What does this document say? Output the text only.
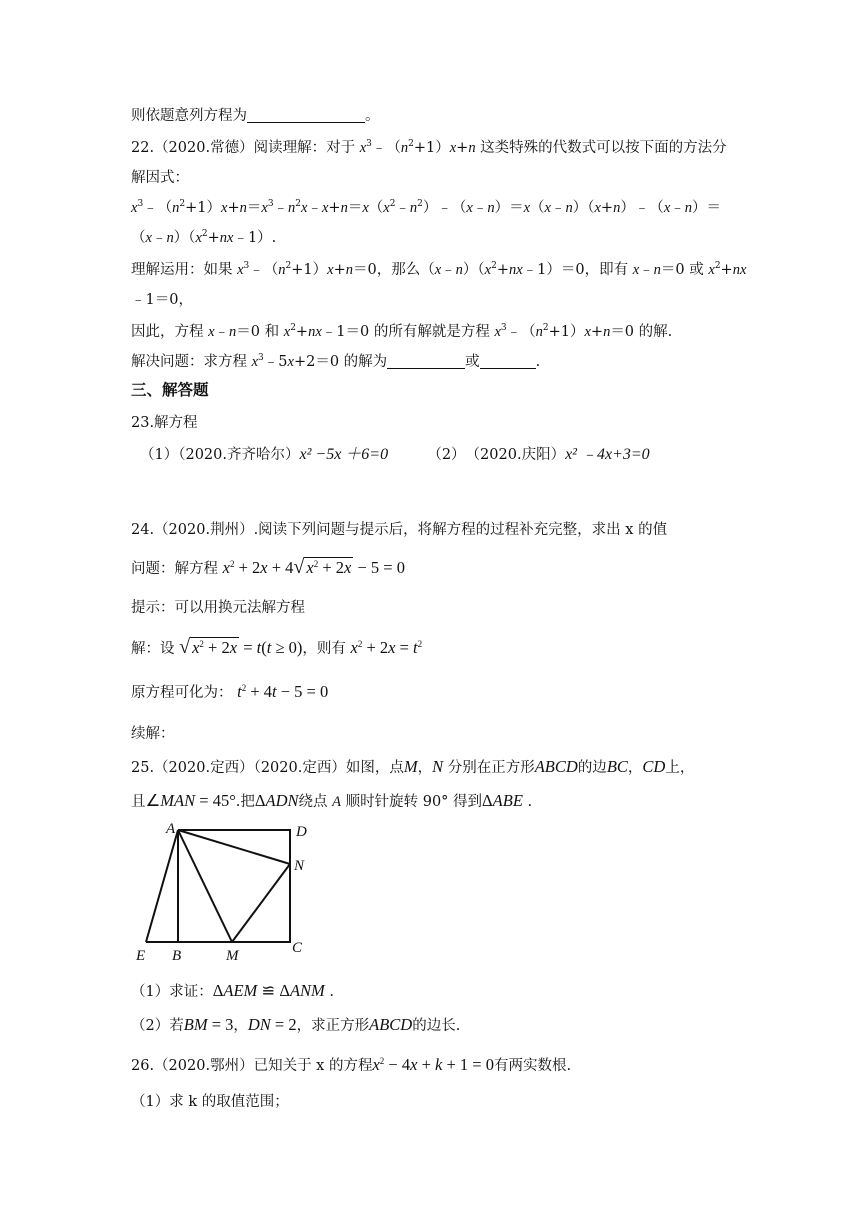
则依题意列方程为	。
22.（2020.常德）阅读理解：对于 $x^3﹣(n^2+1)x+n$ 这类特殊的代数式可以按下面的方法分
解因式：
$x^3﹣(n^2+1)x+n=x^3﹣n^2x﹣x+n=x(x^2﹣n^2)﹣(x﹣n)=x(x﹣n)(x+n)﹣(x﹣n)=$
$(x﹣n)(x^2+nx﹣1)$.
理解运用：如果 $x^3﹣(n^2+1)x+n=0$，那么$(x﹣n)(x^2+nx﹣1)=0$，即有 x﹣n＝0 或 $x^2+nx$
﹣1＝0，
因此，方程 x﹣n＝0 和 $x^2+nx﹣1=0$ 的所有解就是方程 $x^3﹣(n^2+1)x+n=0$ 的解.
解决问题：求方程 $x^3﹣5x+2=0$ 的解为	或	.
三、解答题
23.解方程
（1）（2020.齐齐哈尔）x² −5x ＋6=0	（2）　（2020.庆阳）x² ﹣4x+3=0
24.（2020.荆州）.阅读下列问题与提示后，将解方程的过程补充完整，求出 x 的值
问题：解方程 $x^2 + 2x + 4√$ $x^2 + 2x - 5 = 0$
提示：可以用换元法解方程
解：设 √ $x^2 + 2x = t(t \ge 0)$，则有 $x^2 + 2x = t^2$
原方程可化为： $t^2 + 4t - 5 = 0$
续解：
25.（2020.定西）（2020.定西）如图，点M，N 分别在正方形ABCD的边BC，CD上，
且∠MAN = 45°.把ΔADN绕点 A 顺时针旋转 90° 得到ΔABE .
A	D
N
E B	M	C
（1）求证：ΔAEM ≌ ΔANM .
（2）若BM = 3，DN = 2，求正方形ABCD的边长.
26.（2020.鄂州）已知关于 x 的方程$x^2 - 4x + k + 1 = 0$有两实数根.
（1）求 k 的取值范围；
